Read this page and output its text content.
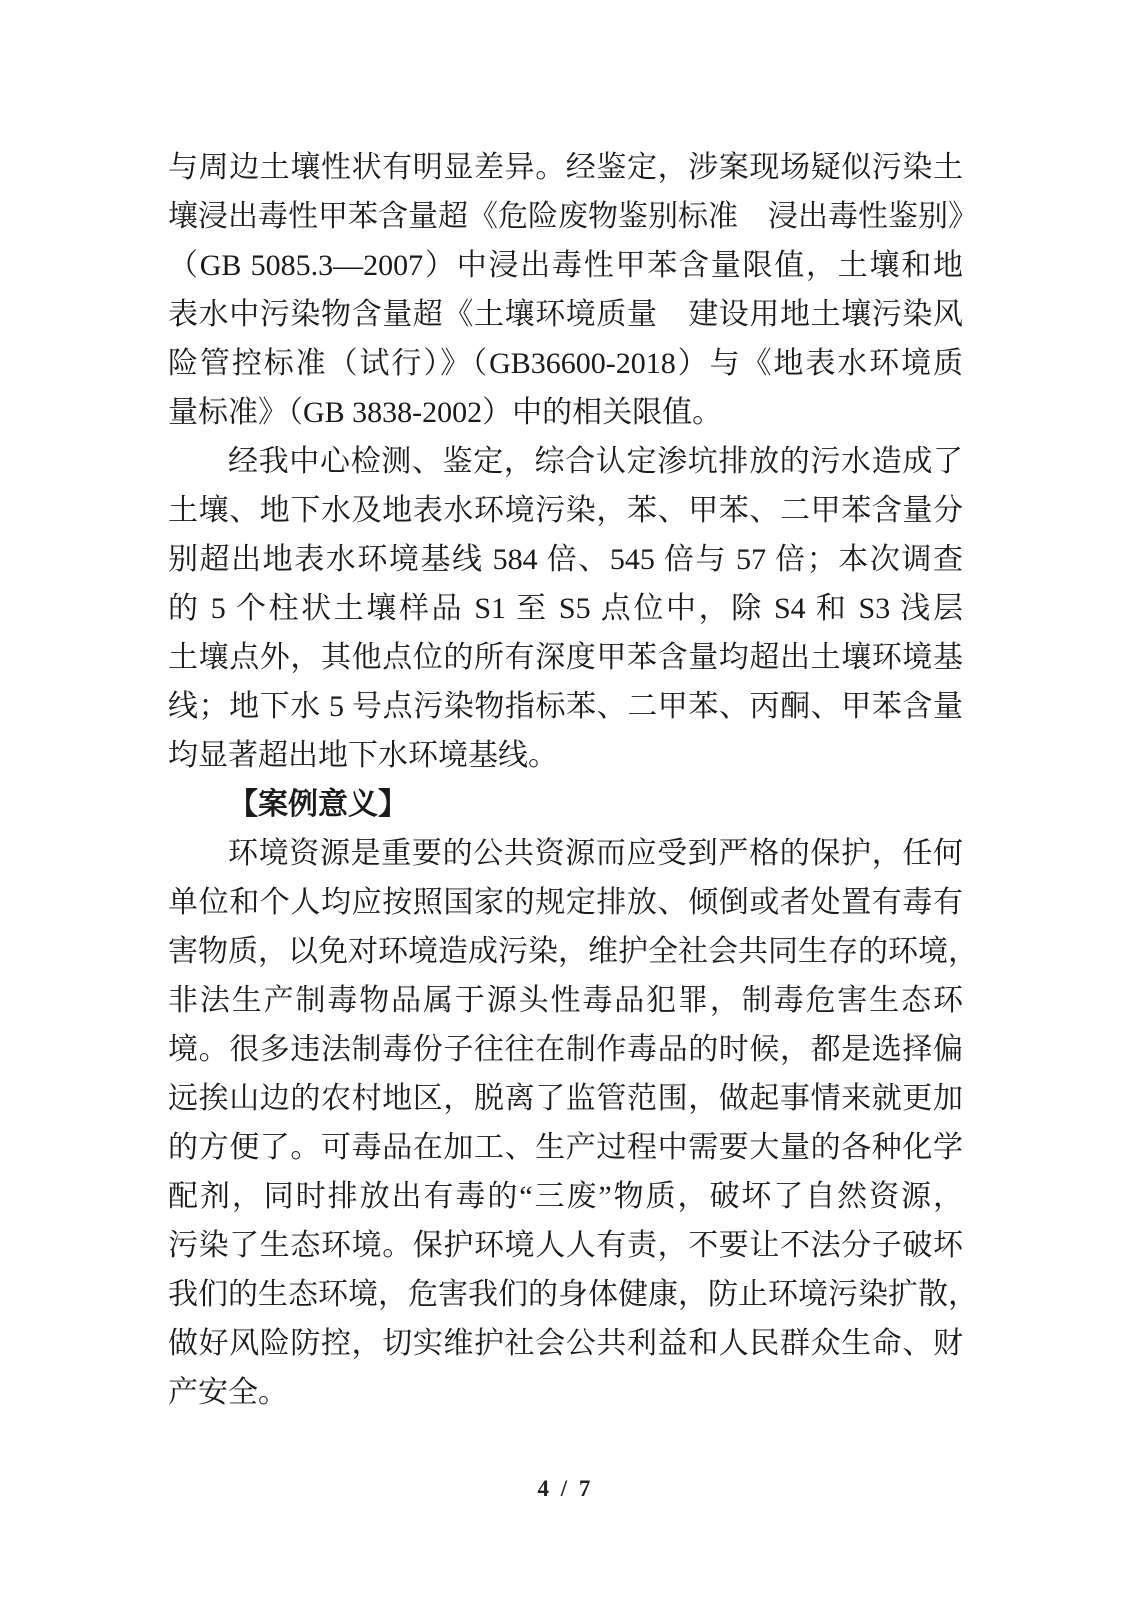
与周边土壤性状有明显差异。经鉴定，涉案现场疑似污染土
壤浸出毒性甲苯含量超《危险废物鉴别标准　浸出毒性鉴别》
（GB 5085.3—2007）中浸出毒性甲苯含量限值，土壤和地
表水中污染物含量超《土壤环境质量　建设用地土壤污染风
险管控标准（试行）》（GB36600-2018）与《地表水环境质
量标准》（GB 3838-2002）中的相关限值。
经我中心检测、鉴定，综合认定渗坑排放的污水造成了
土壤、地下水及地表水环境污染，苯、甲苯、二甲苯含量分
别超出地表水环境基线 584 倍、545 倍与 57 倍；本次调查
的 5 个柱状土壤样品 S1 至 S5 点位中，除 S4 和 S3 浅层
土壤点外，其他点位的所有深度甲苯含量均超出土壤环境基
线；地下水 5 号点污染物指标苯、二甲苯、丙酮、甲苯含量
均显著超出地下水环境基线。
【案例意义】
环境资源是重要的公共资源而应受到严格的保护，任何
单位和个人均应按照国家的规定排放、倾倒或者处置有毒有
害物质，以免对环境造成污染，维护全社会共同生存的环境，
非法生产制毒物品属于源头性毒品犯罪，制毒危害生态环
境。很多违法制毒份子往往在制作毒品的时候，都是选择偏
远挨山边的农村地区，脱离了监管范围，做起事情来就更加
的方便了。可毒品在加工、生产过程中需要大量的各种化学
配剂，同时排放出有毒的“三废”物质，破坏了自然资源，
污染了生态环境。保护环境人人有责，不要让不法分子破坏
我们的生态环境，危害我们的身体健康，防止环境污染扩散，
做好风险防控，切实维护社会公共利益和人民群众生命、财
产安全。
4 / 7
